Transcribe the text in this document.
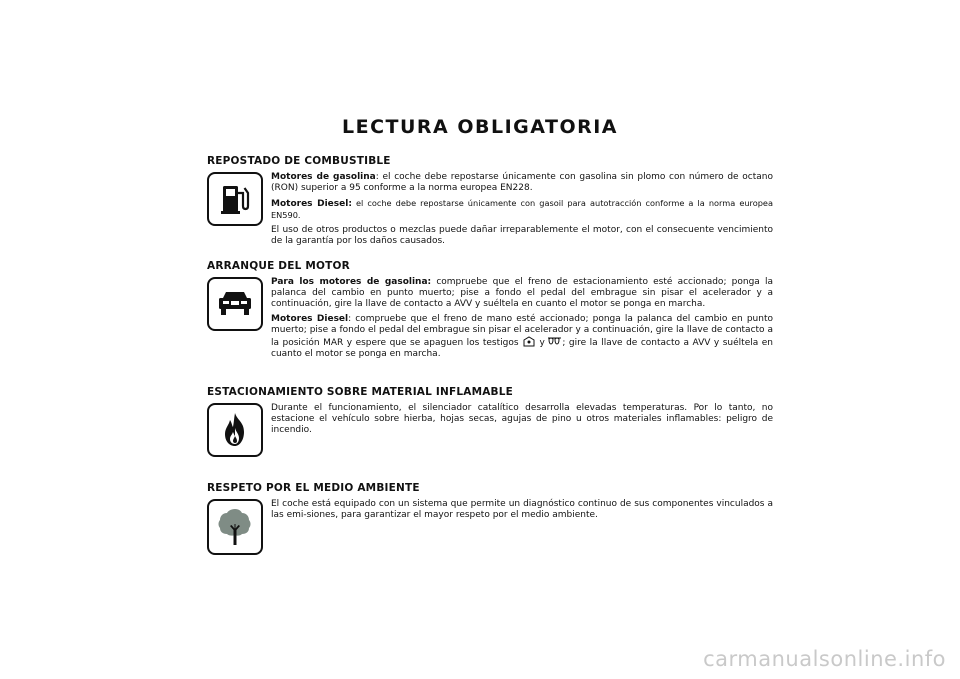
LECTURA OBLIGATORIA
REPOSTADO DE COMBUSTIBLE

Motores de gasolina: el coche debe repostarse únicamente con gasolina sin plomo con número de octano (RON) superior a 95 conforme a la norma europea EN228.

Motores Diesel: el coche debe repostarse únicamente con gasoil para autotracción conforme a la norma europea EN590.

El uso de otros productos o mezclas puede dañar irreparablemente el motor, con el consecuente vencimiento de la garantía por los daños causados.

ARRANQUE DEL MOTOR

Para los motores de gasolina: compruebe que el freno de estacionamiento esté accionado; ponga la palanca del cambio en punto muerto; pise a fondo el pedal del embrague sin pisar el acelerador y a continuación, gire la llave de contacto a AVV y suéltela en cuanto el motor se ponga en marcha.

Motores Diesel: compruebe que el freno de mano esté accionado; ponga la palanca del cambio en punto muerto; pise a fondo el pedal del embrague sin pisar el acelerador y a continuación, gire la llave de contacto a la posición MAR y espere que se apaguen los testigos  y ; gire la llave de contacto a AVV y suéltela en cuanto el motor se ponga en marcha.

ESTACIONAMIENTO SOBRE MATERIAL INFLAMABLE

Durante el funcionamiento, el silenciador catalítico desarrolla elevadas temperaturas. Por lo tanto, no estacione el vehículo sobre hierba, hojas secas, agujas de pino u otros materiales inflamables: peligro de incendio.

RESPETO POR EL MEDIO AMBIENTE

El coche está equipado con un sistema que permite un diagnóstico continuo de sus componentes vinculados a las emi-siones, para garantizar el mayor respeto por el medio ambiente.

carmanualsonline.info
